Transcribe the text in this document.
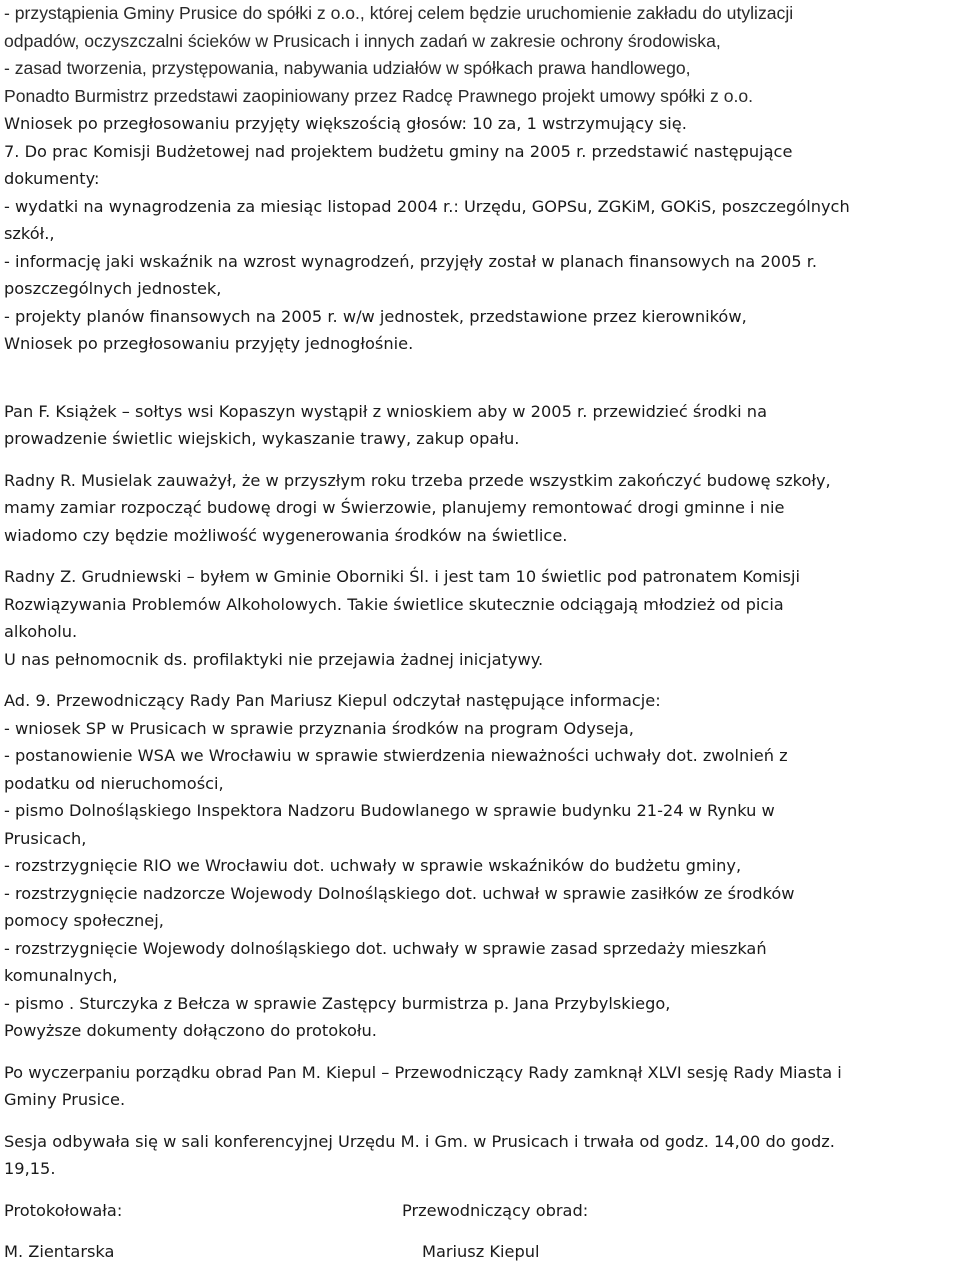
- przystąpienia Gminy Prusice do spółki z o.o., której celem będzie uruchomienie zakładu do utylizacji
odpadów, oczyszczalni ścieków w Prusicach i innych zadań w zakresie ochrony środowiska,
- zasad tworzenia, przystępowania, nabywania udziałów w spółkach prawa handlowego,
Ponadto Burmistrz przedstawi zaopiniowany przez Radcę Prawnego projekt umowy spółki z o.o.
Wniosek po przegłosowaniu przyjęty większością głosów: 10 za, 1 wstrzymujący się.
7. Do prac Komisji Budżetowej nad projektem budżetu gminy na 2005 r. przedstawić następujące
dokumenty:
- wydatki na wynagrodzenia za miesiąc listopad 2004 r.: Urzędu, GOPSu, ZGKiM, GOKiS, poszczególnych
szkół.,
- informację jaki wskaźnik na wzrost wynagrodzeń, przyjęły został w planach finansowych na 2005 r.
poszczególnych jednostek,
- projekty planów finansowych na 2005 r. w/w jednostek, przedstawione przez kierowników,
Wniosek po przegłosowaniu przyjęty jednogłośnie.
Pan F. Książek – sołtys wsi Kopaszyn wystąpił z wnioskiem aby w 2005 r. przewidzieć środki na
prowadzenie świetlic wiejskich, wykaszanie trawy, zakup opału.
Radny R. Musielak zauważył, że w przyszłym roku trzeba przede wszystkim zakończyć budowę szkoły,
mamy zamiar rozpocząć budowę drogi w Świerzowie, planujemy remontować drogi gminne i nie
wiadomo czy będzie możliwość wygenerowania środków na świetlice.
Radny Z. Grudniewski – byłem w Gminie Oborniki Śl. i jest tam 10 świetlic pod patronatem Komisji
Rozwiązywania Problemów Alkoholowych. Takie świetlice skutecznie odciągają młodzież od picia
alkoholu.
U nas pełnomocnik ds. profilaktyki nie przejawia żadnej inicjatywy.
Ad. 9. Przewodniczący Rady Pan Mariusz Kiepul odczytał następujące informacje:
- wniosek SP w Prusicach w sprawie przyznania środków na program Odyseja,
- postanowienie WSA we Wrocławiu w sprawie stwierdzenia nieważności uchwały dot. zwolnień z
podatku od nieruchomości,
- pismo Dolnośląskiego Inspektora Nadzoru Budowlanego w sprawie budynku 21-24 w Rynku w
Prusicach,
- rozstrzygnięcie RIO we Wrocławiu dot. uchwały w sprawie wskaźników do budżetu gminy,
- rozstrzygnięcie nadzorcze Wojewody Dolnośląskiego dot. uchwał w sprawie zasiłków ze środków
pomocy społecznej,
- rozstrzygnięcie Wojewody dolnośląskiego dot. uchwały w sprawie zasad sprzedaży mieszkań
komunalnych,
- pismo . Sturczyka z Bełcza w sprawie Zastępcy burmistrza p. Jana Przybylskiego,
Powyższe dokumenty dołączono do protokołu.
Po wyczerpaniu porządku obrad Pan M. Kiepul – Przewodniczący Rady zamknął XLVI sesję Rady Miasta i
Gminy Prusice.
Sesja odbywała się w sali konferencyjnej Urzędu M. i Gm. w Prusicach i trwała od godz. 14,00 do godz.
19,15.
Protokołowała:	Przewodniczący obrad:
M. Zientarska	Mariusz Kiepul
